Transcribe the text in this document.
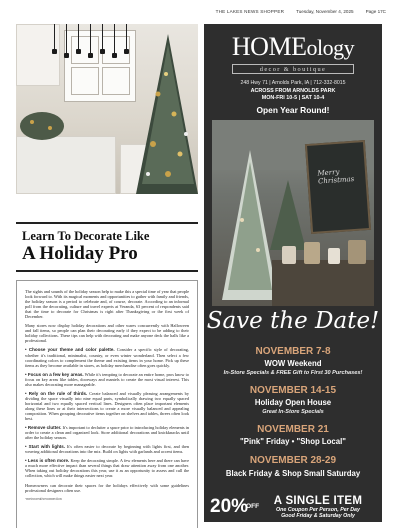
THE LAKES NEWS SHOPPER	Tuesday, November 4, 2025	Page 17C
Learn To Decorate Like
A Holiday Pro

The sights and sounds of the holiday season help to make this a special time of year that people look forward to. With its magical moments and opportunities to gather with family and friends, the holiday season is a period to celebrate and, of course, decorate. According to an informal poll from the decorating, culture and travel experts at Veranda, 63 percent of respondents said that the time to decorate for Christmas is right after Thanksgiving or the first week of December.

Many stores now display holiday decorations and other wares concurrently with Halloween and fall items, so people can plan their decorating early if they expect to be adding to their holiday collections. These tips can help with decorating and make anyone deck the halls like a professional.

• Choose your theme and color palette. Consider a specific style of decorating, whether it's traditional, minimalist, country, or even winter wonderland. Then select a few coordinating colors to complement the theme and existing items in your home. Pick up these items as they become available in stores, as holiday merchandise often goes quickly.

• Focus on a few key areas. While it's tempting to decorate an entire home, pros know to focus on key areas like tables, doorways and mantels to create the most visual interest. This also makes decorating more manageable.

• Rely on the rule of thirds. Create balanced and visually pleasing arrangements by dividing the space visually into nine equal parts, symbolically drawing two equally spaced horizontal and two equally spaced vertical lines. Designers often place important elements along these lines or at their intersections to create a more visually balanced and appealing composition. When grouping decorative items together on shelves and tables, threes often look best.

• Remove clutter. It's important to declutter a space prior to introducing holiday elements in order to create a clean and organized look. Store additional decorations and knickknacks until after the holiday season.

• Start with lights. It's often easier to decorate by beginning with lights first, and then weaving additional decorations into the mix. Build on lights with garlands and accent items.

• Less is often more. Keep the decorating simple. A few elements here and there can have a much more effective impact than several things that draw attention away from one another. When taking out holiday decorations this year, use it as an opportunity to assess and cull the collection, which will make things easier next year.

Homeowners can decorate their spaces for the holidays effectively with some guidelines professional designers often use.

-metrocreativeconnection
HOMEology
decor & boutique
248 Hwy 71 | Arnolds Park, IA | 712-332-8015
ACROSS FROM ARNOLDS PARK
MON-FRI 10-5 | SAT 10-4
Open Year Round!
Merry Christmas
Save the Date!
NOVEMBER 7-8
WOW Weekend
In-Store Specials & FREE Gift to First 30 Purchases!
NOVEMBER 14-15
Holiday Open House
Great In-Store Specials
NOVEMBER 21
"Pink" Friday • "Shop Local"
NOVEMBER 28-29
Black Friday & Shop Small Saturday
20%
OFF	A SINGLE ITEM
One Coupon Per Person, Per Day
Good Friday & Saturday Only
